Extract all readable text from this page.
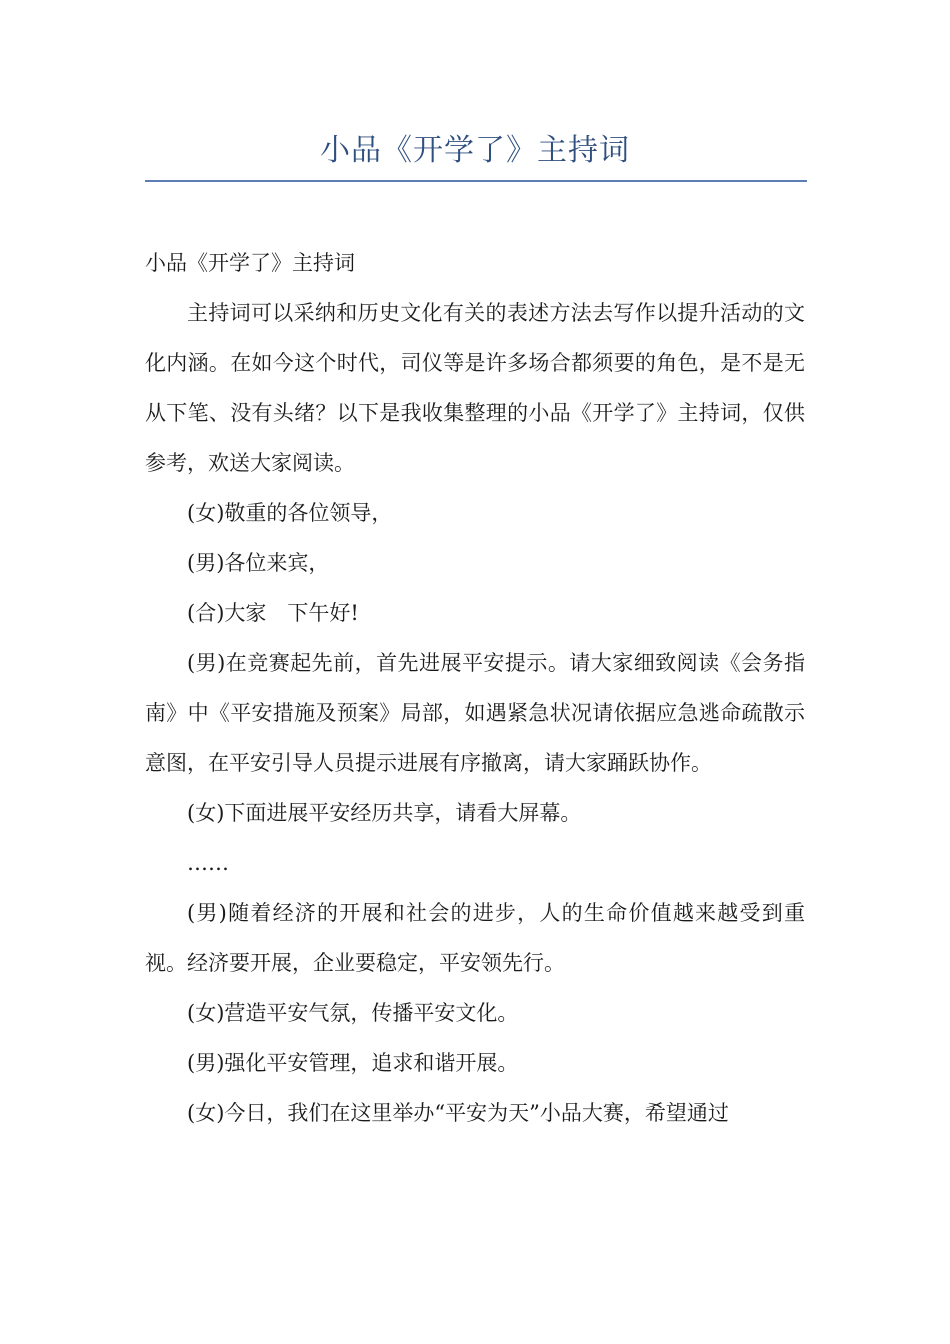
小品《开学了》主持词

小品《开学了》主持词

主持词可以采纳和历史文化有关的表述方法去写作以提升活动的文化内涵。在如今这个时代，司仪等是许多场合都须要的角色，是不是无从下笔、没有头绪？以下是我收集整理的小品《开学了》主持词，仅供参考，欢送大家阅读。

(女)敬重的各位领导，

(男)各位来宾，

(合)大家　下午好!

(男)在竞赛起先前，首先进展平安提示。请大家细致阅读《会务指南》中《平安措施及预案》局部，如遇紧急状况请依据应急逃命疏散示意图，在平安引导人员提示进展有序撤离，请大家踊跃协作。

(女)下面进展平安经历共享，请看大屏幕。

……

(男)随着经济的开展和社会的进步，人的生命价值越来越受到重视。经济要开展，企业要稳定，平安领先行。

(女)营造平安气氛，传播平安文化。

(男)强化平安管理，追求和谐开展。

(女)今日，我们在这里举办“平安为天”小品大赛，希望通过
